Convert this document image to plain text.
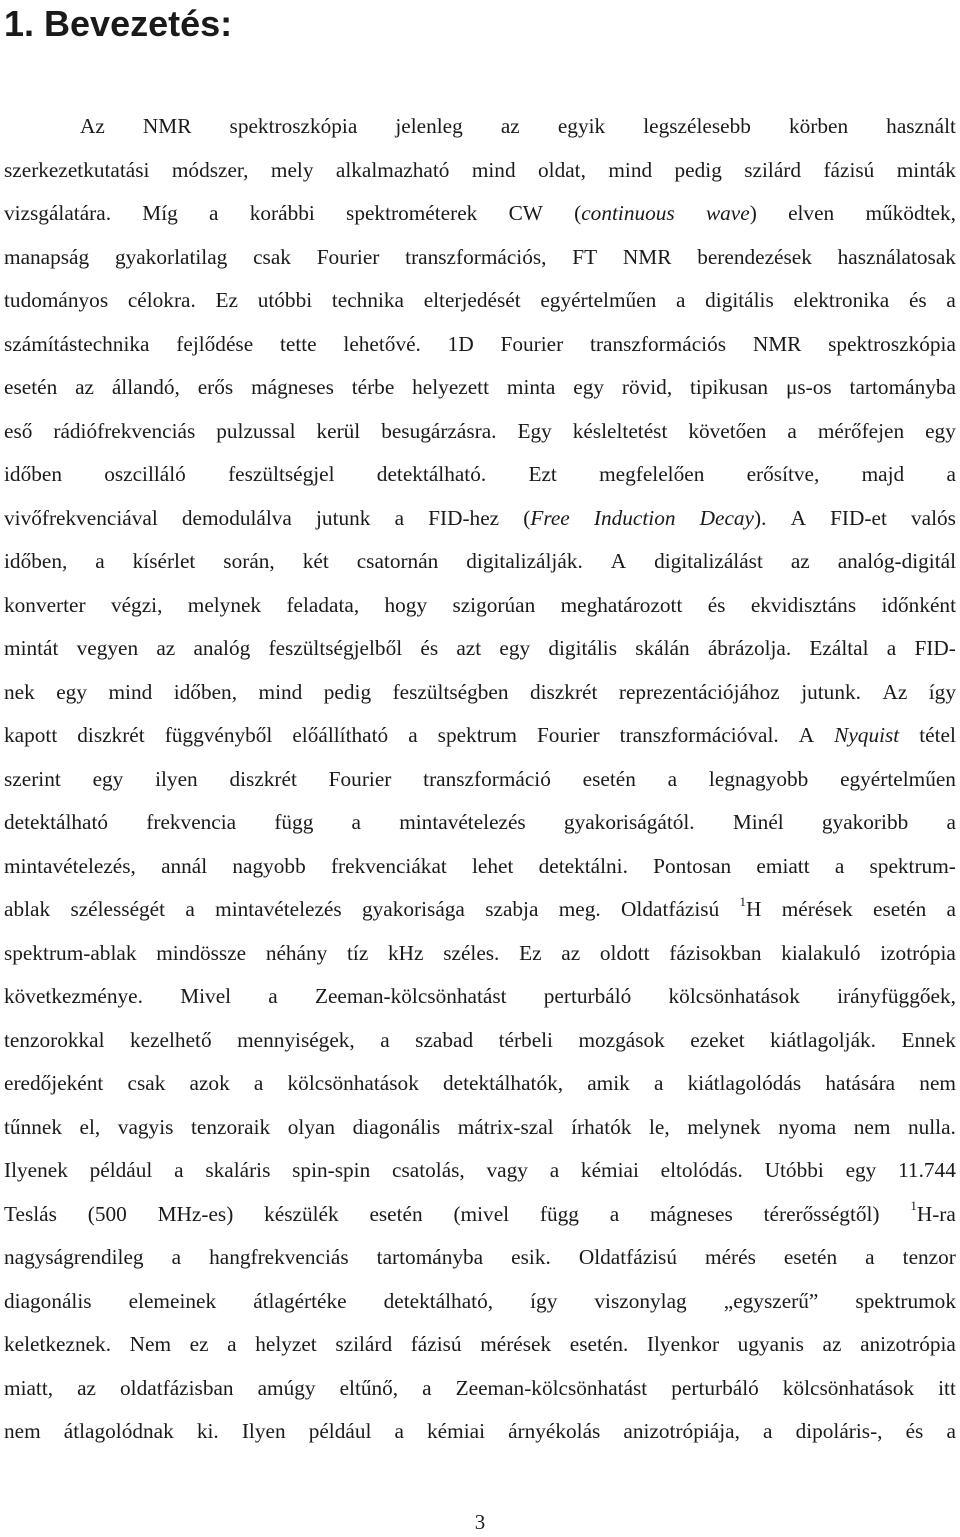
1. Bevezetés:
Az NMR spektroszkópia jelenleg az egyik legszélesebb körben használt
szerkezetkutatási módszer, mely alkalmazható mind oldat, mind pedig szilárd fázisú minták
vizsgálatára. Míg a korábbi spektrométerek CW (continuous wave) elven működtek,
manapság gyakorlatilag csak Fourier transzformációs, FT NMR berendezések használatosak
tudományos célokra. Ez utóbbi technika elterjedését egyértelműen a digitális elektronika és a
számítástechnika fejlődése tette lehetővé. 1D Fourier transzformációs NMR spektroszkópia
esetén az állandó, erős mágneses térbe helyezett minta egy rövid, tipikusan μs-os tartományba
eső rádiófrekvenciás pulzussal kerül besugárzásra. Egy késleltetést követően a mérőfejen egy
időben oszcilláló feszültségjel detektálható. Ezt megfelelően erősítve, majd a
vivőfrekvenciával demodulálva jutunk a FID-hez (Free Induction Decay). A FID-et valós
időben, a kísérlet során, két csatornán digitalizálják. A digitalizálást az analóg-digitál
konverter végzi, melynek feladata, hogy szigorúan meghatározott és ekvidisztáns időnként
mintát vegyen az analóg feszültségjelből és azt egy digitális skálán ábrázolja. Ezáltal a FID-
nek egy mind időben, mind pedig feszültségben diszkrét reprezentációjához jutunk. Az így
kapott diszkrét függvényből előállítható a spektrum Fourier transzformációval. A Nyquist tétel
szerint egy ilyen diszkrét Fourier transzformáció esetén a legnagyobb egyértelműen
detektálható frekvencia függ a mintavételezés gyakoriságától. Minél gyakoribb a
mintavételezés, annál nagyobb frekvenciákat lehet detektálni. Pontosan emiatt a spektrum-
ablak szélességét a mintavételezés gyakorisága szabja meg. Oldatfázisú $^1$H mérések esetén a
spektrum-ablak mindössze néhány tíz kHz széles. Ez az oldott fázisokban kialakuló izotrópia
következménye. Mivel a Zeeman-kölcsönhatást perturbáló kölcsönhatások irányfüggőek,
tenzorokkal kezelhető mennyiségek, a szabad térbeli mozgások ezeket kiátlagolják. Ennek
eredőjeként csak azok a kölcsönhatások detektálhatók, amik a kiátlagolódás hatására nem
tűnnek el, vagyis tenzoraik olyan diagonális mátrix-szal írhatók le, melynek nyoma nem nulla.
Ilyenek például a skaláris spin-spin csatolás, vagy a kémiai eltolódás. Utóbbi egy 11.744
Teslás (500 MHz-es) készülék esetén (mivel függ a mágneses térerősségtől) $^1$H-ra
nagyságrendileg a hangfrekvenciás tartományba esik. Oldatfázisú mérés esetén a tenzor
diagonális elemeinek átlagértéke detektálható, így viszonylag „egyszerű” spektrumok
keletkeznek. Nem ez a helyzet szilárd fázisú mérések esetén. Ilyenkor ugyanis az anizotrópia
miatt, az oldatfázisban amúgy eltűnő, a Zeeman-kölcsönhatást perturbáló kölcsönhatások itt
nem átlagolódnak ki. Ilyen például a kémiai árnyékolás anizotrópiája, a dipoláris-, és a
3
